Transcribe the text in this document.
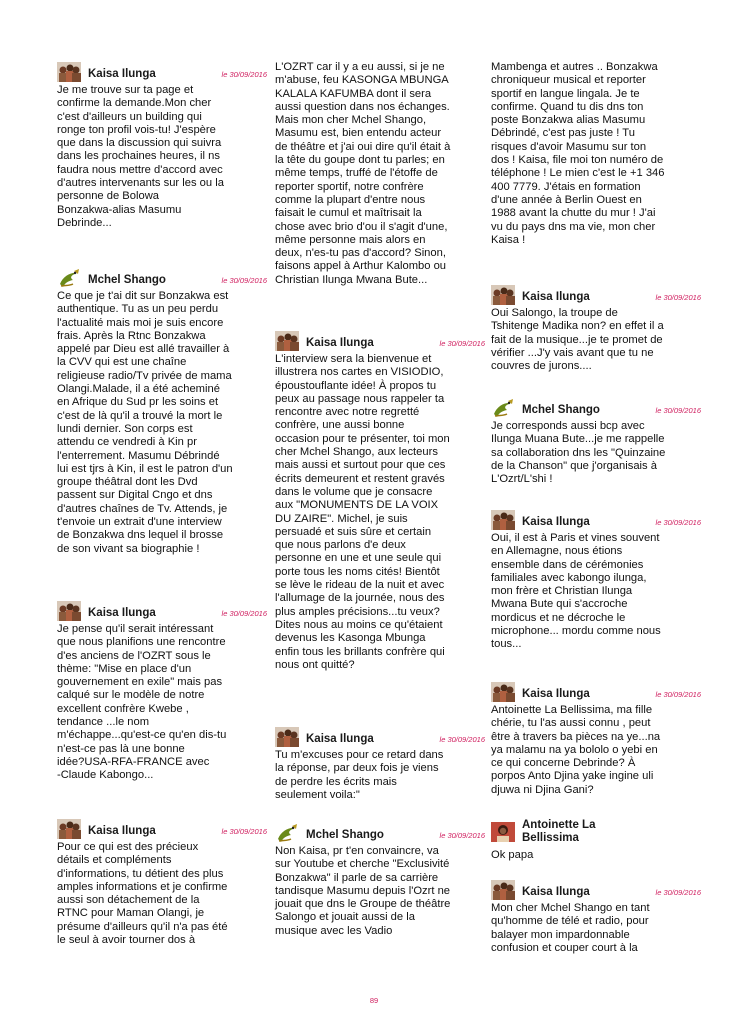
Kaisa Ilunga	le 30/09/2016

Je me trouve sur ta page et
confirme la demande.Mon cher
c'est d'ailleurs un building qui
ronge ton profil vois-tu! J'espère
que dans la discussion qui suivra
dans les prochaines heures, il ns
faudra nous mettre d'accord avec
d'autres intervenants sur les ou la
personne de Bolowa
Bonzakwa-alias Masumu
Debrinde...

Mchel Shango	le 30/09/2016

Ce que je t'ai dit sur Bonzakwa est
authentique. Tu as un peu perdu
l'actualité mais moi je suis encore
frais. Après la Rtnc Bonzakwa
appelé par Dieu est allé travailler à
la CVV qui est une chaîne
religieuse radio/Tv privée de mama
Olangi.Malade, il a été acheminé
en Afrique du Sud pr les soins et
c'est de là qu'il a trouvé la mort le
lundi dernier. Son corps est
attendu ce vendredi à Kin pr
l'enterrement. Masumu Débrindé
lui est tjrs à Kin, il est le patron d'un
groupe théâtral dont les Dvd
passent sur Digital Cngo et dns
d'autres chaînes de Tv. Attends, je
t'envoie un extrait d'une interview
de Bonzakwa dns lequel il brosse
de son vivant sa biographie !

Kaisa Ilunga	le 30/09/2016

Je pense qu'il serait intéressant
que nous planifions une rencontre
d'es anciens de l'OZRT sous le
thème: "Mise en place d'un
gouvernement en exile" mais pas
calqué sur le modèle de notre
excellent confrère Kwebe ,
tendance ...le nom
m'échappe...qu'est-ce qu'en dis-tu
n'est-ce pas là une bonne
idée?USA-RFA-FRANCE avec
-Claude Kabongo...

Kaisa Ilunga	le 30/09/2016

Pour ce qui est des précieux
détails et compléments
d'informations, tu détient des plus
amples informations et je confirme
aussi son détachement de la
RTNC pour Maman Olangi, je
présume d'ailleurs qu'il n'a pas été
le seul à avoir tourner dos à

L'OZRT car il y a eu aussi, si je ne
m'abuse, feu KASONGA MBUNGA
KALALA KAFUMBA dont il sera
aussi question dans nos échanges.
Mais mon cher Mchel Shango,
Masumu est, bien entendu acteur
de théâtre et j'ai oui dire qu'il était à
la tête du goupe dont tu parles; en
même temps, truffé de l'étoffe de
reporter sportif, notre confrère
comme la plupart d'entre nous
faisait le cumul et maîtrisait la
chose avec brio d'ou il s'agit d'une,
même personne mais alors en
deux, n'es-tu pas d'accord? Sinon,
faisons appel à Arthur Kalombo ou
Christian Ilunga Mwana Bute...

Kaisa Ilunga	le 30/09/2016

L'interview sera la bienvenue et
illustrera nos cartes en VISIODIO,
époustouflante idée! À propos tu
peux au passage nous rappeler ta
rencontre avec notre regretté
confrère, une aussi bonne
occasion pour te présenter, toi mon
cher Mchel Shango, aux lecteurs
mais aussi et surtout pour que ces
écrits demeurent et restent gravés
dans le volume que je consacre
aux "MONUMENTS DE LA VOIX
DU ZAIRE". Michel, je suis
persuadé et suis sûre et certain
que nous parlons d'e deux
personne en une et une seule qui
porte tous les noms cités! Bientôt
se lève le rideau de la nuit et avec
l'allumage de la journée, nous des
plus amples précisions...tu veux?
Dites nous au moins ce qu'étaient
devenus les Kasonga Mbunga
enfin tous les brillants confrère qui
nous ont quitté?

Kaisa Ilunga	le 30/09/2016

Tu m'excuses pour ce retard dans
la réponse, par deux fois je viens
de perdre les écrits mais
seulement voila:"

Mchel Shango	le 30/09/2016

Non Kaisa, pr t'en convaincre, va
sur Youtube et cherche "Exclusivité
Bonzakwa" il parle de sa carrière
tandisque Masumu depuis l'Ozrt ne
jouait que dns le Groupe de théâtre
Salongo et jouait aussi de la
musique avec les Vadio

Mambenga et autres .. Bonzakwa
chroniqueur musical et reporter
sportif en langue lingala. Je te
confirme. Quand tu dis dns ton
poste Bonzakwa alias Masumu
Débrindé, c'est pas juste ! Tu
risques d'avoir Masumu sur ton
dos ! Kaisa, file moi ton numéro de
téléphone ! Le mien c'est le +1 346
400 7779. J'étais en formation
d'une année à Berlin Ouest en
1988 avant la chutte du mur ! J'ai
vu du pays dns ma vie, mon cher
Kaisa !

Kaisa Ilunga	le 30/09/2016

Oui Salongo, la troupe de
Tshitenge Madika non? en effet il a
fait de la musique...je te promet de
vérifier ...J'y vais avant que tu ne
couvres de jurons....

Mchel Shango	le 30/09/2016

Je corresponds aussi bcp avec
Ilunga Muana Bute...je me rappelle
sa collaboration dns les "Quinzaine
de la Chanson" que j'organisais à
L'Ozrt/L'shi !

Kaisa Ilunga	le 30/09/2016

Oui, il est à Paris et vines souvent
en Allemagne, nous étions
ensemble dans de cérémonies
familiales avec kabongo ilunga,
mon frère et Christian Ilunga
Mwana Bute qui s'accroche
mordicus et ne décroche le
microphone... mordu comme nous
tous...

Kaisa Ilunga	le 30/09/2016

Antoinette La Bellissima, ma fille
chérie, tu l'as aussi connu , peut
être à travers ba pièces na ye...na
ya malamu na ya bololo o yebi en
ce qui concerne Debrinde? À
porpos Anto Djina yake ingine uli
djuwa ni Djina Gani?

Antoinette La Bellissima

Ok papa

Kaisa Ilunga	le 30/09/2016

Mon cher Mchel Shango en tant
qu'homme de télé et radio, pour
balayer mon impardonnable
confusion et couper court à la

89
